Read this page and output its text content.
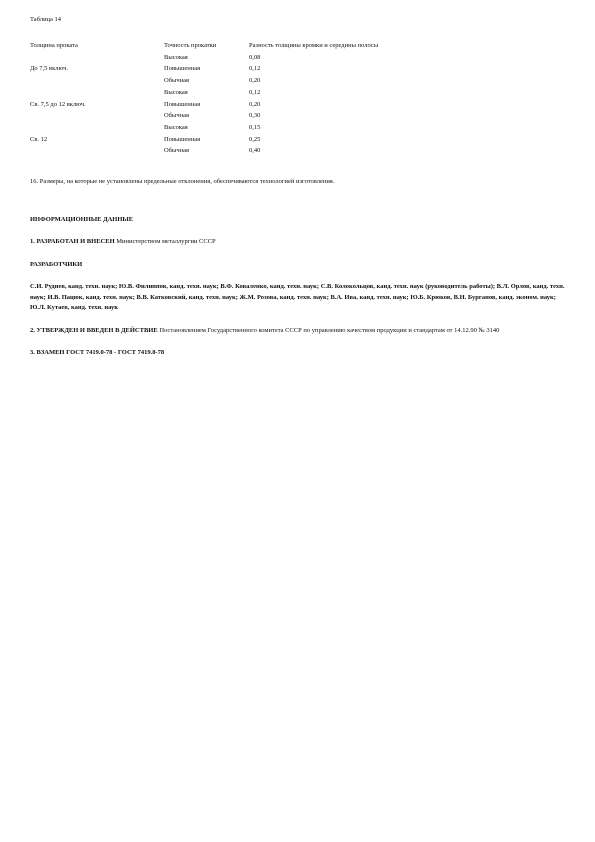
Таблица 14
Толщина проката	Точность прокатки	Разность толщины кромки и середины полосы
	Высокая	0,08
До 7,5 включ.	Повышенная	0,12
	Обычная	0,20
	Высокая	0,12
Св. 7,5 до 12 включ.	Повышенная	0,20
	Обычная	0,30
	Высокая	0,15
Св. 12	Повышенная	0,25
	Обычная	0,40
16. Размеры, на которые не установлены предельные отклонения, обеспечиваются технологией изготовления.

ИНФОРМАЦИОННЫЕ ДАННЫЕ

1. РАЗРАБОТАН И ВНЕСЕН Министерством металлургии СССР

РАЗРАБОТЧИКИ

С.И. Руднев, канд. техн. наук; Ю.В. Филиппов, канд. техн. наук; В.Ф. Коваленко, канд. техн. наук; С.В. Колокольцов, канд. техн. наук (руководитель работы); В.Л. Орлов, канд. техн. наук; И.В. Пацюк, канд. техн. наук; В.В. Катковский, канд. техн. наук; Ж.М. Розова, канд. техн. наук; В.А. Ива, канд. техн. наук; Ю.Б. Крюков, В.Н. Бурганов, канд. эконом. наук; Ю.Л. Кутаев, канд. техн. наук

2. УТВЕРЖДЕН И ВВЕДЕН В ДЕЙСТВИЕ Постановлением Государственного комитета СССР по управлению качеством продукции и стандартам от 14.12.90 № 3140

3. ВЗАМЕН ГОСТ 7419.0-78 - ГОСТ 7419.8-78
